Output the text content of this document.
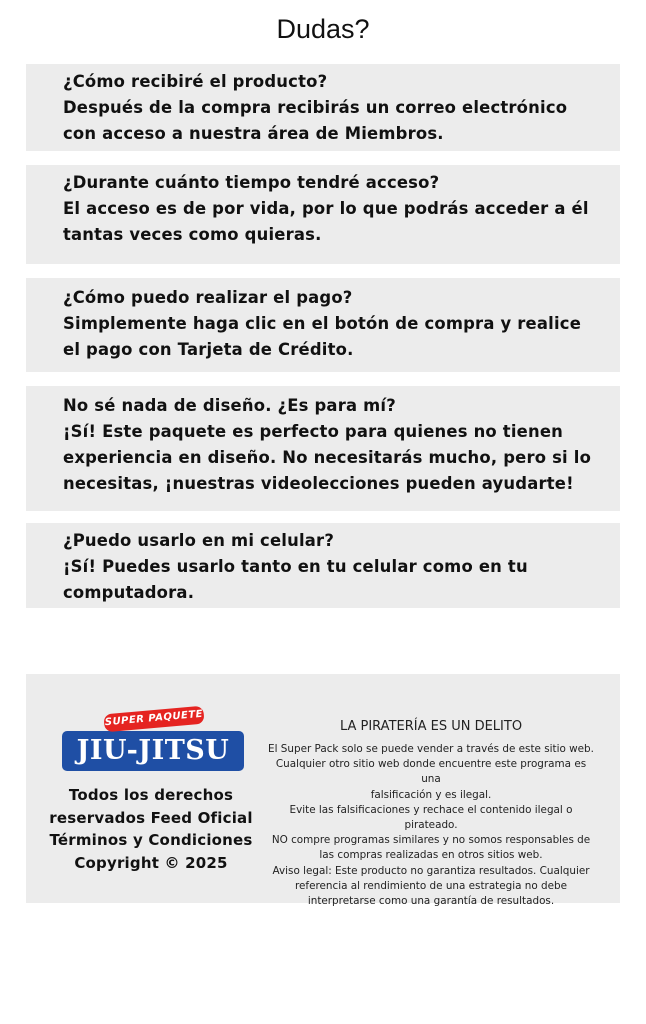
Dudas?
¿Cómo recibiré el producto?
Después de la compra recibirás un correo electrónico con acceso a nuestra área de Miembros.
¿Durante cuánto tiempo tendré acceso?
El acceso es de por vida, por lo que podrás acceder a él tantas veces como quieras.
¿Cómo puedo realizar el pago?
Simplemente haga clic en el botón de compra y realice el pago con Tarjeta de Crédito.
No sé nada de diseño. ¿Es para mí?
¡Sí! Este paquete es perfecto para quienes no tienen experiencia en diseño. No necesitarás mucho, pero si lo necesitas, ¡nuestras videolecciones pueden ayudarte!
¿Puedo usarlo en mi celular?
¡Sí! Puedes usarlo tanto en tu celular como en tu computadora.
SUPER PAQUETE
JIU-JITSU
Todos los derechos
reservados Feed Oficial
Términos y Condiciones
Copyright © 2025
LA PIRATERÍA ES UN DELITO
El Super Pack solo se puede vender a través de este sitio web.
Cualquier otro sitio web donde encuentre este programa es una
falsificación y es ilegal.
Evite las falsificaciones y rechace el contenido ilegal o pirateado.
NO compre programas similares y no somos responsables de
las compras realizadas en otros sitios web.
Aviso legal: Este producto no garantiza resultados. Cualquier
referencia al rendimiento de una estrategia no debe
interpretarse como una garantía de resultados.
